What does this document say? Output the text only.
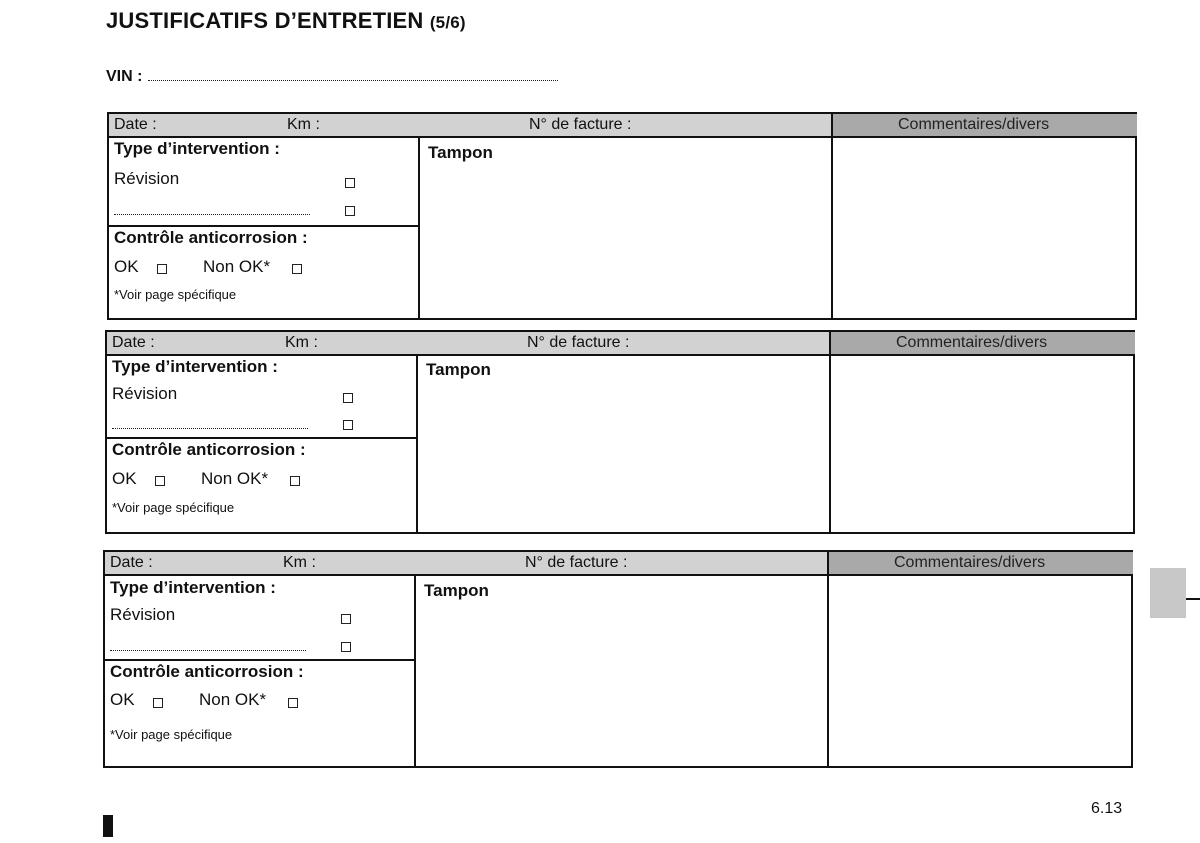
JUSTIFICATIFS D’ENTRETIEN (5/6)
VIN :
Date :	Km :	N° de facture :	Commentaires/divers
Type d’intervention :
Révision
Contrôle anticorrosion :
OK	Non OK*
*Voir page spécifique
Tampon
Date :	Km :	N° de facture :	Commentaires/divers
Type d’intervention :
Révision
Contrôle anticorrosion :
OK	Non OK*
*Voir page spécifique
Tampon
Date :	Km :	N° de facture :	Commentaires/divers
Type d’intervention :
Révision
Contrôle anticorrosion :
OK	Non OK*
*Voir page spécifique
Tampon
6.13
